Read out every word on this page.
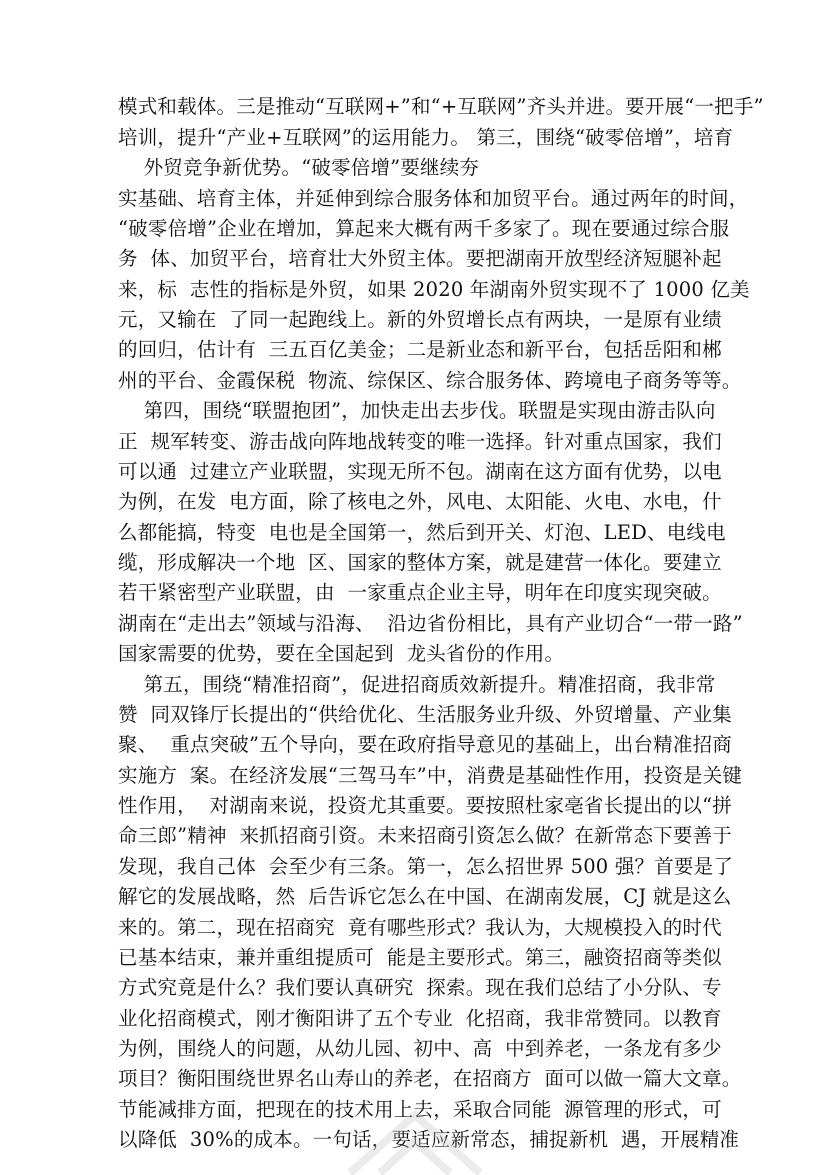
模式和载体。三是推动“互联网+”和“+互联网”齐头并进。要开展“一把手”
培训，提升“产业+互联网”的运用能力。 第三，围绕“破零倍增”，培育
外贸竞争新优势。“破零倍增”要继续夯
实基础、培育主体，并延伸到综合服务体和加贸平台。通过两年的时间，
“破零倍增”企业在增加，算起来大概有两千多家了。现在要通过综合服
务  体、加贸平台，培育壮大外贸主体。要把湖南开放型经济短腿补起
来，标  志性的指标是外贸，如果 2020 年湖南外贸实现不了 1000 亿美
元，又输在  了同一起跑线上。新的外贸增长点有两块，一是原有业绩
的回归，估计有  三五百亿美金；二是新业态和新平台，包括岳阳和郴
州的平台、金霞保税  物流、综保区、综合服务体、跨境电子商务等等。
第四，围绕“联盟抱团”，加快走出去步伐。联盟是实现由游击队向
正  规军转变、游击战向阵地战转变的唯一选择。针对重点国家，我们
可以通  过建立产业联盟，实现无所不包。湖南在这方面有优势，以电
为例，在发  电方面，除了核电之外，风电、太阳能、火电、水电，什
么都能搞，特变  电也是全国第一，然后到开关、灯泡、LED、电线电
缆，形成解决一个地  区、国家的整体方案，就是建营一体化。要建立
若干紧密型产业联盟，由  一家重点企业主导，明年在印度实现突破。
湖南在“走出去”领域与沿海、  沿边省份相比，具有产业切合“一带一路”
国家需要的优势，要在全国起到  龙头省份的作用。
第五，围绕“精准招商”，促进招商质效新提升。精准招商，我非常
赞  同双锋厅长提出的“供给优化、生活服务业升级、外贸增量、产业集
聚、  重点突破”五个导向，要在政府指导意见的基础上，出台精准招商
实施方  案。在经济发展“三驾马车”中，消费是基础性作用，投资是关键
性作用，  对湖南来说，投资尤其重要。要按照杜家亳省长提出的以“拼
命三郎”精神  来抓招商引资。未来招商引资怎么做？在新常态下要善于
发现，我自己体  会至少有三条。第一，怎么招世界 500 强？首要是了
解它的发展战略，然  后告诉它怎么在中国、在湖南发展，CJ 就是这么
来的。第二，现在招商究  竟有哪些形式？我认为，大规模投入的时代
已基本结束，兼并重组提质可  能是主要形式。第三，融资招商等类似
方式究竟是什么？我们要认真研究  探索。现在我们总结了小分队、专
业化招商模式，刚才衡阳讲了五个专业  化招商，我非常赞同。以教育
为例，围绕人的问题，从幼儿园、初中、高  中到养老，一条龙有多少
项目？衡阳围绕世界名山寿山的养老，在招商方  面可以做一篇大文章。
节能减排方面，把现在的技术用上去，采取合同能  源管理的形式，可
以降低  30%的成本。一句话，要适应新常态，捕捉新机  遇，开展精准
